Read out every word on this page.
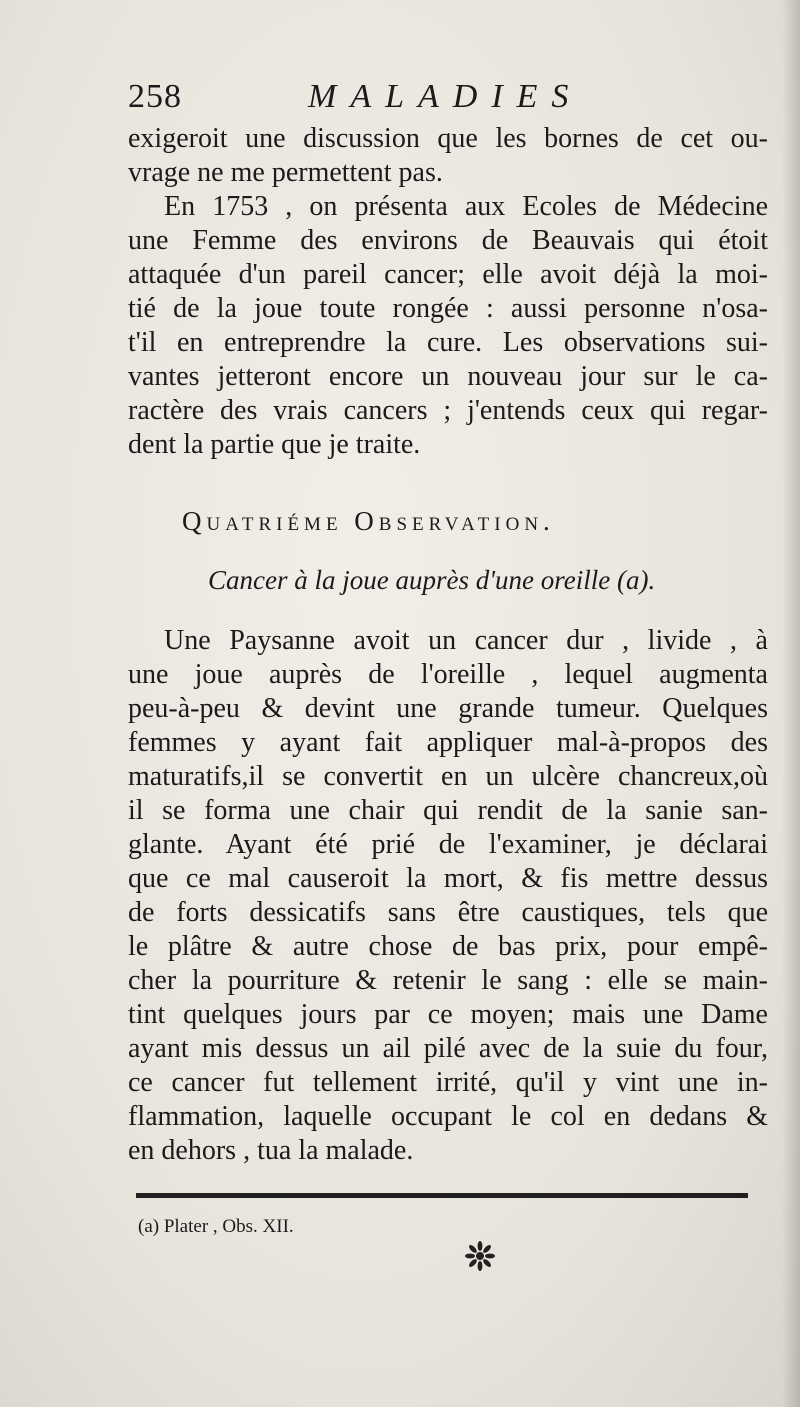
258	MALADIES

exigeroit une discussion que les bornes de cet ou-
vrage ne me permettent pas.

En 1753 , on présenta aux Ecoles de Médecine
une Femme des environs de Beauvais qui étoit
attaquée d'un pareil cancer; elle avoit déjà la moi-
tié de la joue toute rongée : aussi personne n'osa-
t'il en entreprendre la cure. Les observations sui-
vantes jetteront encore un nouveau jour sur le ca-
ractère des vrais cancers ; j'entends ceux qui regar-
dent la partie que je traite.

Quatriéme Observation.
Cancer à la joue auprès d'une oreille (a).

Une Paysanne avoit un cancer dur , livide , à
une joue auprès de l'oreille , lequel augmenta
peu-à-peu & devint une grande tumeur. Quelques
femmes y ayant fait appliquer mal-à-propos des
maturatifs,il se convertit en un ulcère chancreux,où
il se forma une chair qui rendit de la sanie san-
glante. Ayant été prié de l'examiner, je déclarai
que ce mal causeroit la mort, & fis mettre dessus
de forts dessicatifs sans être caustiques, tels que
le plâtre & autre chose de bas prix, pour empê-
cher la pourriture & retenir le sang : elle se main-
tint quelques jours par ce moyen; mais une Dame
ayant mis dessus un ail pilé avec de la suie du four,
ce cancer fut tellement irrité, qu'il y vint une in-
flammation, laquelle occupant le col en dedans &
en dehors , tua la malade.

(a) Plater , Obs. XII.
